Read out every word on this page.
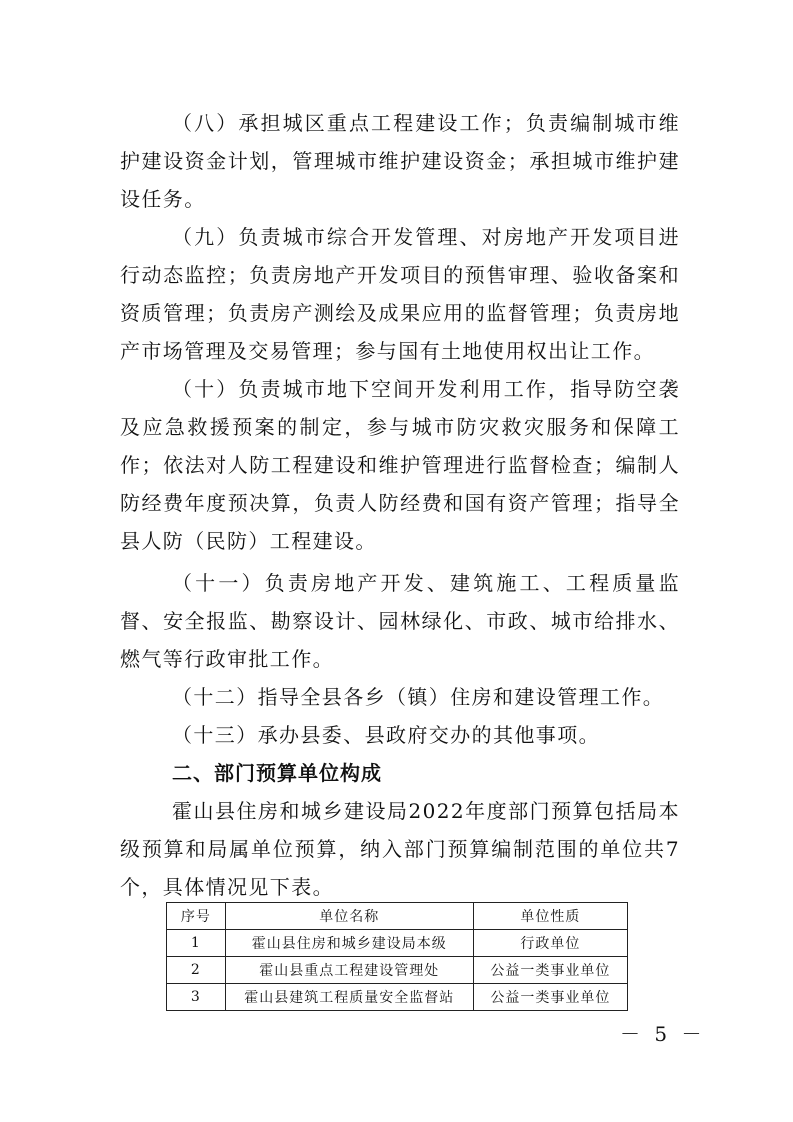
（八）承担城区重点工程建设工作；负责编制城市维护建设资金计划，管理城市维护建设资金；承担城市维护建设任务。

（九）负责城市综合开发管理、对房地产开发项目进行动态监控；负责房地产开发项目的预售审理、验收备案和资质管理；负责房产测绘及成果应用的监督管理；负责房地产市场管理及交易管理；参与国有土地使用权出让工作。

（十）负责城市地下空间开发利用工作，指导防空袭及应急救援预案的制定，参与城市防灾救灾服务和保障工作；依法对人防工程建设和维护管理进行监督检查；编制人防经费年度预决算，负责人防经费和国有资产管理；指导全县人防（民防）工程建设。

（十一）负责房地产开发、建筑施工、工程质量监督、安全报监、勘察设计、园林绿化、市政、城市给排水、燃气等行政审批工作。

（十二）指导全县各乡（镇）住房和建设管理工作。

（十三）承办县委、县政府交办的其他事项。

二、部门预算单位构成

霍山县住房和城乡建设局2022年度部门预算包括局本级预算和局属单位预算，纳入部门预算编制范围的单位共7个，具体情况见下表。

序号	单位名称	单位性质
1	霍山县住房和城乡建设局本级	行政单位
2	霍山县重点工程建设管理处	公益一类事业单位
3	霍山县建筑工程质量安全监督站	公益一类事业单位
－ 5 －
